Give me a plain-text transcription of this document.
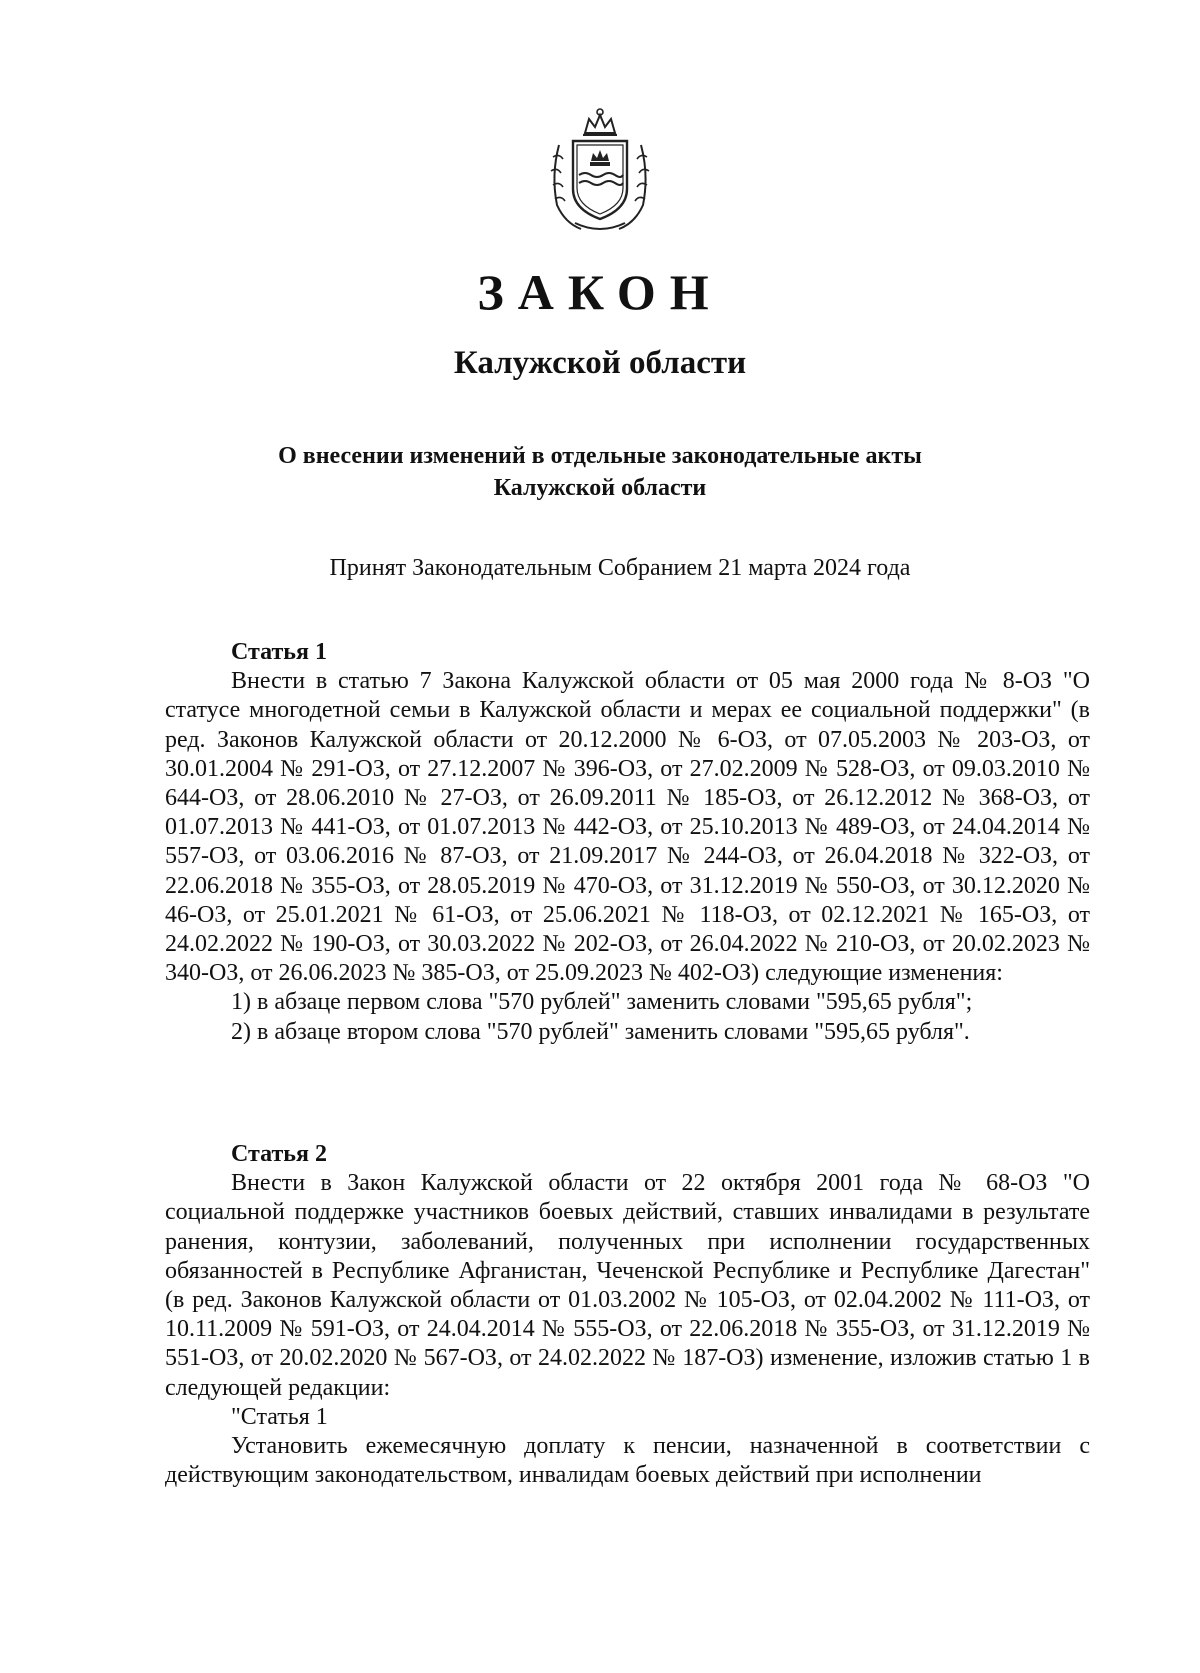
ЗАКОН
Калужской области
О внесении изменений в отдельные законодательные акты
Калужской области
Принят Законодательным Собранием 21 марта 2024 года

Статья 1

Внести в статью 7 Закона Калужской области от 05 мая 2000 года № 8-ОЗ "О статусе многодетной семьи в Калужской области и мерах ее социальной поддержки" (в ред. Законов Калужской области от 20.12.2000 № 6-ОЗ, от 07.05.2003 № 203-ОЗ, от 30.01.2004 № 291-ОЗ, от 27.12.2007 № 396-ОЗ, от 27.02.2009 № 528-ОЗ, от 09.03.2010 № 644-ОЗ, от 28.06.2010 № 27-ОЗ, от 26.09.2011 № 185-ОЗ, от 26.12.2012 № 368-ОЗ, от 01.07.2013 № 441-ОЗ, от 01.07.2013 № 442-ОЗ, от 25.10.2013 № 489-ОЗ, от 24.04.2014 № 557-ОЗ, от 03.06.2016 № 87-ОЗ, от 21.09.2017 № 244-ОЗ, от 26.04.2018 № 322-ОЗ, от 22.06.2018 № 355-ОЗ, от 28.05.2019 № 470-ОЗ, от 31.12.2019 № 550-ОЗ, от 30.12.2020 № 46-ОЗ, от 25.01.2021 № 61-ОЗ, от 25.06.2021 № 118-ОЗ, от 02.12.2021 № 165-ОЗ, от 24.02.2022 № 190-ОЗ, от 30.03.2022 № 202-ОЗ, от 26.04.2022 № 210-ОЗ, от 20.02.2023 № 340-ОЗ, от 26.06.2023 № 385-ОЗ, от 25.09.2023 № 402-ОЗ) следующие изменения:

1) в абзаце первом слова "570 рублей" заменить словами "595,65 рубля";

2) в абзаце втором слова "570 рублей" заменить словами "595,65 рубля".

Статья 2

Внести в Закон Калужской области от 22 октября 2001 года № 68-ОЗ "О социальной поддержке участников боевых действий, ставших инвалидами в результате ранения, контузии, заболеваний, полученных при исполнении государственных обязанностей в Республике Афганистан, Чеченской Республике и Республике Дагестан" (в ред. Законов Калужской области от 01.03.2002 № 105-ОЗ, от 02.04.2002 № 111-ОЗ, от 10.11.2009 № 591-ОЗ, от 24.04.2014 № 555-ОЗ, от 22.06.2018 № 355-ОЗ, от 31.12.2019 № 551-ОЗ, от 20.02.2020 № 567-ОЗ, от 24.02.2022 № 187-ОЗ) изменение, изложив статью 1 в следующей редакции:

"Статья 1

Установить ежемесячную доплату к пенсии, назначенной в соответствии с действующим законодательством, инвалидам боевых действий при исполнении
